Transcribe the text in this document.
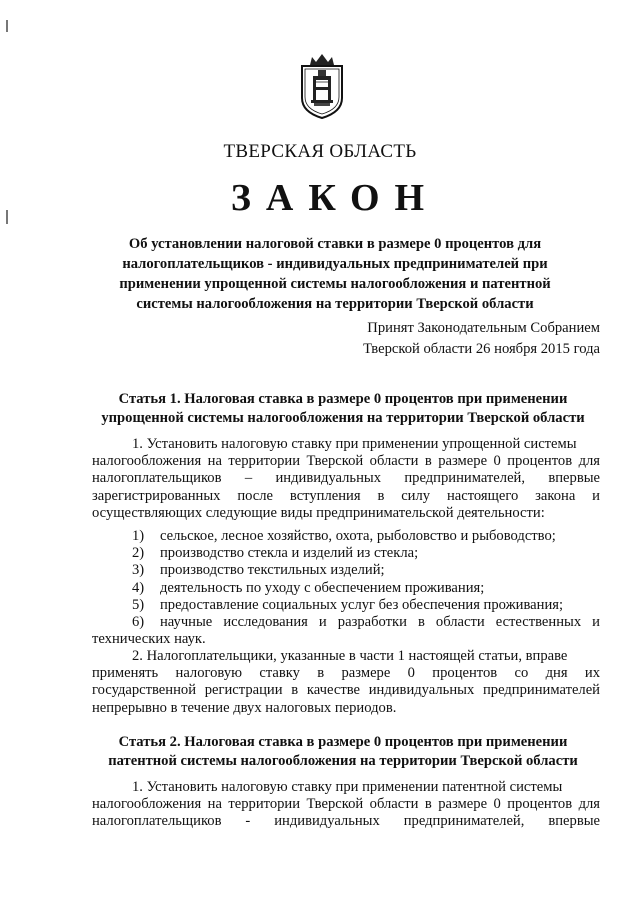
ТВЕРСКАЯ ОБЛАСТЬ
ЗАКОН
Об установлении налоговой ставки в размере 0 процентов для
налогоплательщиков - индивидуальных предпринимателей при
применении упрощенной системы налогообложения и патентной
системы налогообложения на территории Тверской области
Принят Законодательным Собранием
Тверской области 26 ноября 2015 года
Статья 1. Налоговая ставка в размере 0 процентов при применении
упрощенной системы налогообложения на территории Тверской области
1. Установить налоговую ставку при применении упрощенной системы
налогообложения на территории Тверской области в размере 0 процентов для
налогоплательщиков – индивидуальных предпринимателей, впервые
зарегистрированных после вступления в силу настоящего закона и
осуществляющих следующие виды предпринимательской деятельности:
1)	сельское, лесное хозяйство, охота, рыболовство и рыбоводство;
2)	производство стекла и изделий из стекла;
3)	производство текстильных изделий;
4)	деятельность по уходу с обеспечением проживания;
5)	предоставление социальных услуг без обеспечения проживания;
6)	научные исследования и разработки в области естественных и
технических наук.
2. Налогоплательщики, указанные в части 1 настоящей статьи, вправе
применять налоговую ставку в размере 0 процентов со дня их
государственной регистрации в качестве индивидуальных предпринимателей
непрерывно в течение двух налоговых периодов.
Статья 2. Налоговая ставка в размере 0 процентов при применении
патентной системы налогообложения на территории Тверской области
1. Установить налоговую ставку при применении патентной системы
налогообложения на территории Тверской области в размере 0 процентов для
налогоплательщиков - индивидуальных предпринимателей, впервые
